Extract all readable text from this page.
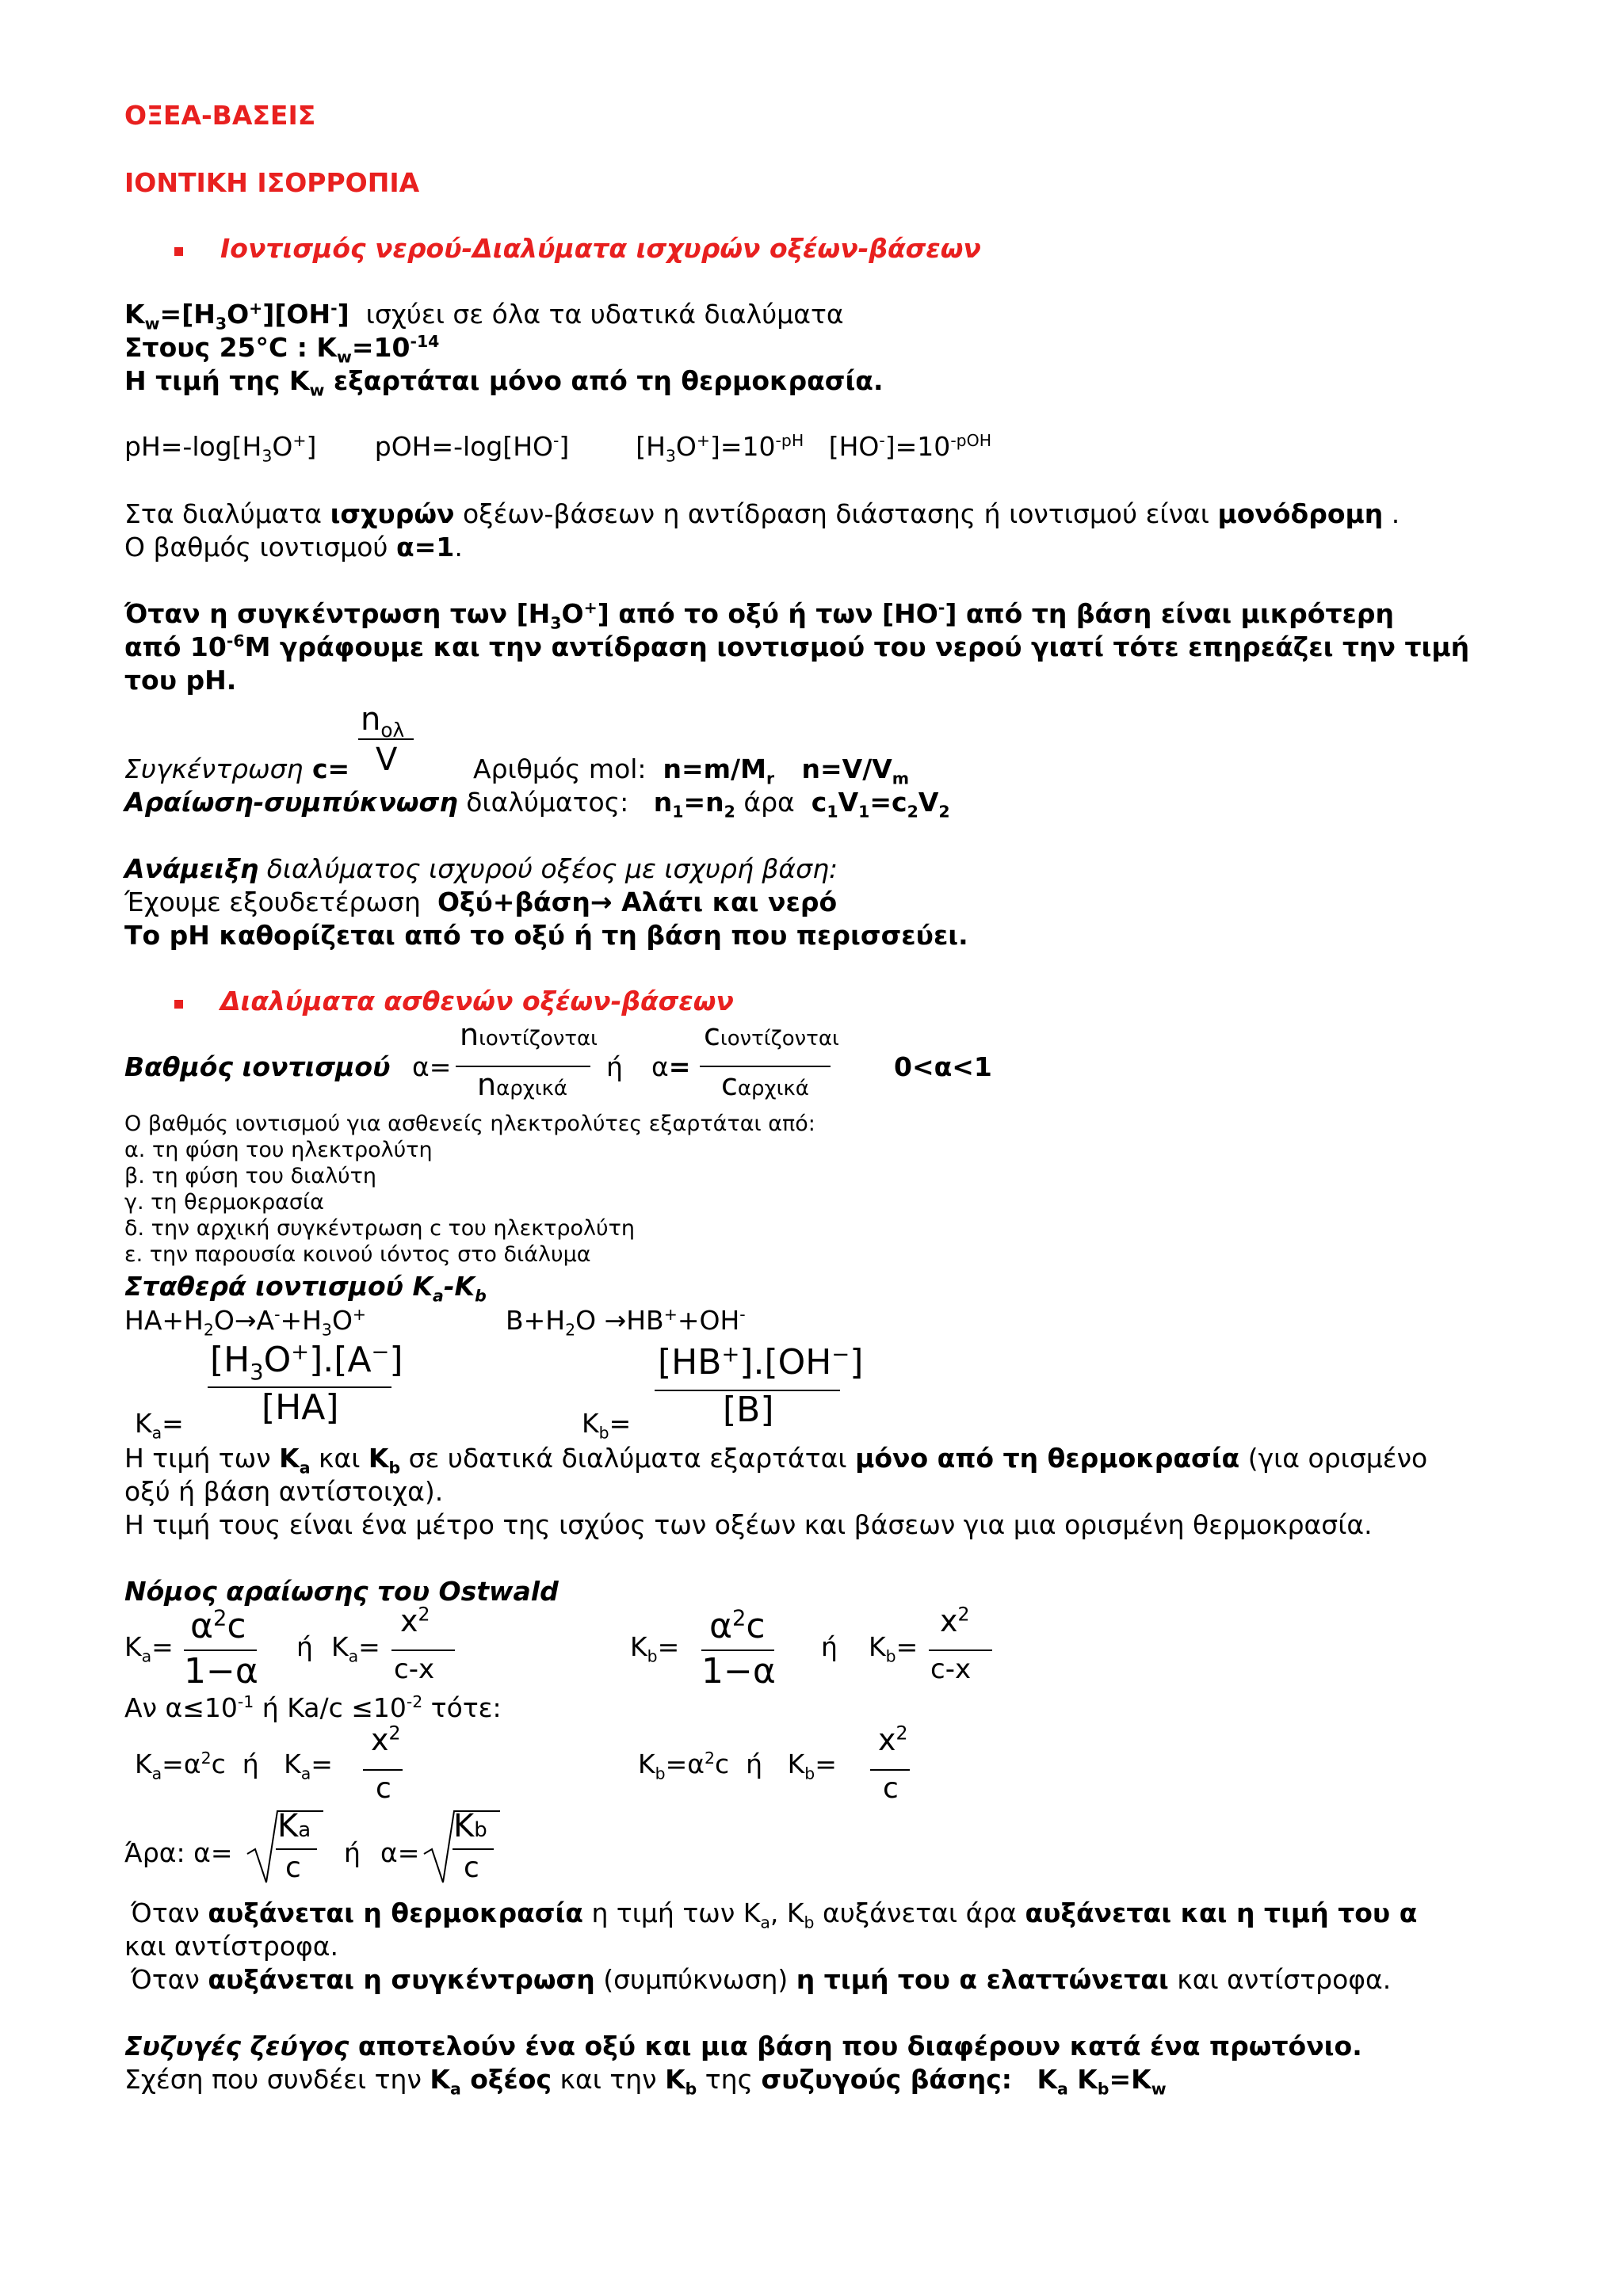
ΟΞΕΑ-ΒΑΣΕΙΣ
ΙΟΝΤΙΚΗ ΙΣΟΡΡΟΠΙΑ
Ιοντισμός νερού-Διαλύματα ισχυρών οξέων-βάσεων
$K_w=[H_3O^+][OH^-]$ ισχύει σε όλα τα υδατικά διαλύματα
Στους 25°C : $K_w=10^{-14}$
Η τιμή της $K_w$ εξαρτάται μόνο από τη θερμοκρασία.
$pH=-\log[H_3O^+]$       pOH=-log[HO-]        $[H_3O^+]=10^{-pH}$   $[HO^-]=10^{-pOH}$
Στα διαλύματα ισχυρών οξέων-βάσεων η αντίδραση διάστασης ή ιοντισμού είναι μονόδρομη .
Ο βαθμός ιοντισμού α=1.
Όταν η συγκέντρωση των $[H_3O^+]$ από το οξύ ή των [HO-] από τη βάση είναι μικρότερη
από $10^{-6}M$ γράφουμε και την αντίδραση ιοντισμού του νερού γιατί τότε επηρεάζει την τιμή
του pH.
$n_{o\lambda}$
V
Συγκέντρωση c=	Αριθμός mol: $n=m/M_r$   $n=V/V_m$
Αραίωση-συμπύκνωση διαλύματος: $n_1=n_2$ άρα $c_1V_1=c_2V_2$
Ανάμειξη διαλύματος ισχυρού οξέος με ισχυρή βάση:
Έχουμε εξουδετέρωση Οξύ+βάση→ Αλάτι και νερό
Το pH καθορίζεται από το οξύ ή τη βάση που περισσεύει.
Διαλύματα ασθενών οξέων-βάσεων
Βαθμός ιοντισμού α=
nιοντίζονται
nαρχικά
ή α=
cιοντίζονται
cαρχικά
0<α<1
Ο βαθμός ιοντισμού για ασθενείς ηλεκτρολύτες εξαρτάται από:
α. τη φύση του ηλεκτρολύτη
β. τη φύση του διαλύτη
γ. τη θερμοκρασία
δ. την αρχική συγκέντρωση c του ηλεκτρολύτη
ε. την παρουσία κοινού ιόντος στο διάλυμα
Σταθερά ιοντισμού $K_a-K_b$
$HA+H_2O\to A^-+H_3O^+$	$B+H_2O \to HB^++OH^-$
$[H_3O^+].[A^-]$
[HA]
$K_a=$
[HB+].[OH−]
[B]
$K_b=$
Η τιμή των $K_a$ και $K_b$ σε υδατικά διαλύματα εξαρτάται μόνο από τη θερμοκρασία (για ορισμένο
οξύ ή βάση αντίστοιχα).
Η τιμή τους είναι ένα μέτρο της ισχύος των οξέων και βάσεων για μια ορισμένη θερμοκρασία.
Νόμος αραίωσης του Ostwald
$K_a=$
$\alpha^2c$
1−α
ή $K_a=$
$x^2$
c-x
$K_b=$
$\alpha^2c$
1−α
ή $K_b=$
$x^2$
c-x
Αν $\alpha\le 10^{-1}$ ή $Ka/c \le 10^{-2}$ τότε:
$K_a=\alpha^2c$  ή   $K_a=$
$x^2$
c
$K_b=\alpha^2c$  ή   $K_b=$
$x^2$
c
Άρα: α=
Ka
c ή α=
Kb
c
Όταν αυξάνεται η θερμοκρασία η τιμή των $K_a$, $K_b$ αυξάνεται άρα αυξάνεται και η τιμή του α
και αντίστροφα.
Όταν αυξάνεται η συγκέντρωση (συμπύκνωση) η τιμή του α ελαττώνεται και αντίστροφα.
Συζυγές ζεύγος αποτελούν ένα οξύ και μια βάση που διαφέρουν κατά ένα πρωτόνιο.
Σχέση που συνδέει την $K_a$ οξέος και την $K_b$ της συζυγούς βάσης: $K_a$ $K_b=K_w$
